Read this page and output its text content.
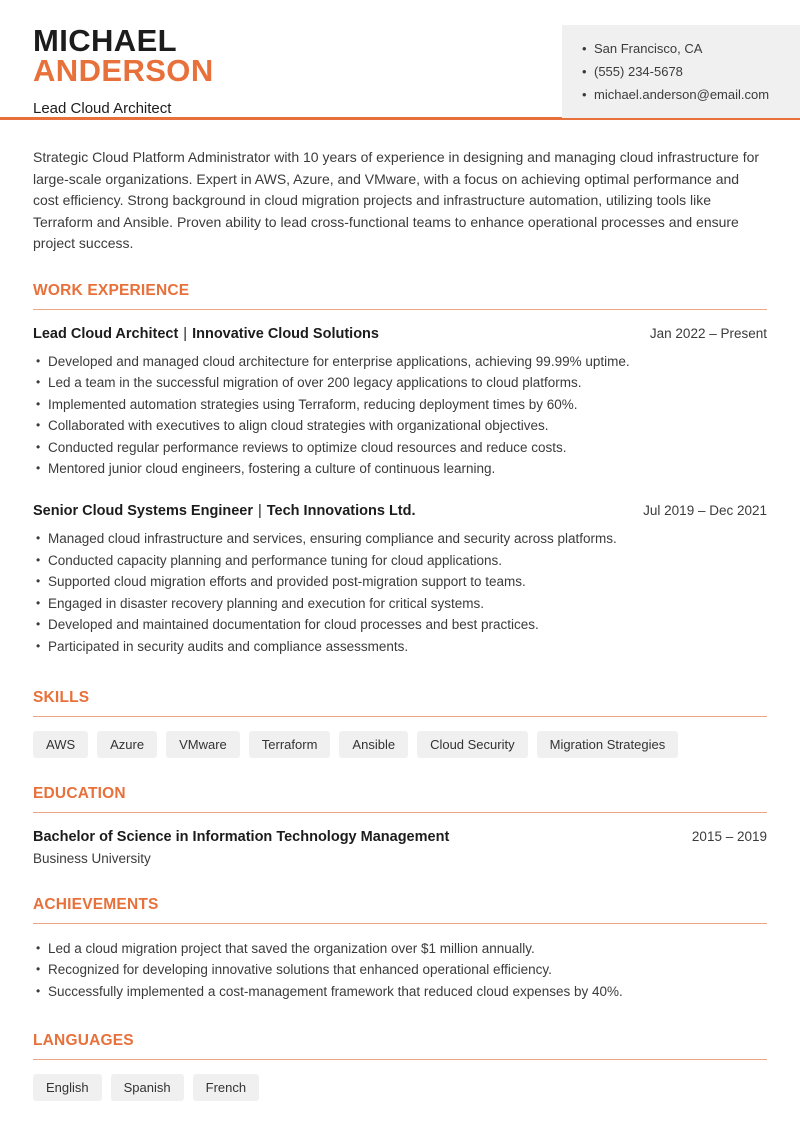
MICHAEL
ANDERSON
Lead Cloud Architect
• San Francisco, CA
• (555) 234-5678
• michael.anderson@email.com

Strategic Cloud Platform Administrator with 10 years of experience in designing and managing cloud infrastructure for large-scale organizations. Expert in AWS, Azure, and VMware, with a focus on achieving optimal performance and cost efficiency. Strong background in cloud migration projects and infrastructure automation, utilizing tools like Terraform and Ansible. Proven ability to lead cross-functional teams to enhance operational processes and ensure project success.

WORK EXPERIENCE
Lead Cloud Architect | Innovative Cloud Solutions	Jan 2022 – Present
• Developed and managed cloud architecture for enterprise applications, achieving 99.99% uptime.
• Led a team in the successful migration of over 200 legacy applications to cloud platforms.
• Implemented automation strategies using Terraform, reducing deployment times by 60%.
• Collaborated with executives to align cloud strategies with organizational objectives.
• Conducted regular performance reviews to optimize cloud resources and reduce costs.
• Mentored junior cloud engineers, fostering a culture of continuous learning.
Senior Cloud Systems Engineer | Tech Innovations Ltd.	Jul 2019 – Dec 2021
• Managed cloud infrastructure and services, ensuring compliance and security across platforms.
• Conducted capacity planning and performance tuning for cloud applications.
• Supported cloud migration efforts and provided post-migration support to teams.
• Engaged in disaster recovery planning and execution for critical systems.
• Developed and maintained documentation for cloud processes and best practices.
• Participated in security audits and compliance assessments.
SKILLS
AWS	Azure	VMware	Terraform	Ansible	Cloud Security	Migration Strategies
EDUCATION
Bachelor of Science in Information Technology Management	2015 – 2019
Business University
ACHIEVEMENTS
• Led a cloud migration project that saved the organization over $1 million annually.
• Recognized for developing innovative solutions that enhanced operational efficiency.
• Successfully implemented a cost-management framework that reduced cloud expenses by 40%.
LANGUAGES
English	Spanish	French
